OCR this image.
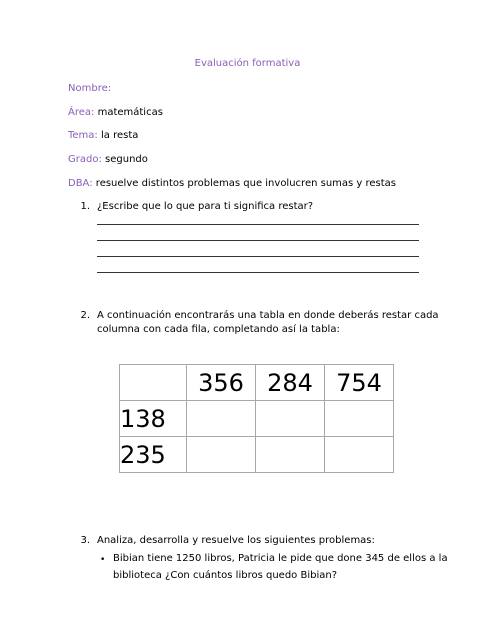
Evaluación formativa
Nombre:
Área: matemáticas
Tema: la resta
Grado: segundo
DBA: resuelve distintos problemas que involucren sumas y restas
1. ¿Escribe que lo que para ti significa restar?
2. A continuación encontrarás una tabla en donde deberás restar cada
columna con cada fila, completando así la tabla:
	356	284	754
138			
235			
3. Analiza, desarrolla y resuelve los siguientes problemas:
• Bibian tiene 1250 libros, Patricia le pide que done 345 de ellos a la
biblioteca ¿Con cuántos libros quedo Bibian?
